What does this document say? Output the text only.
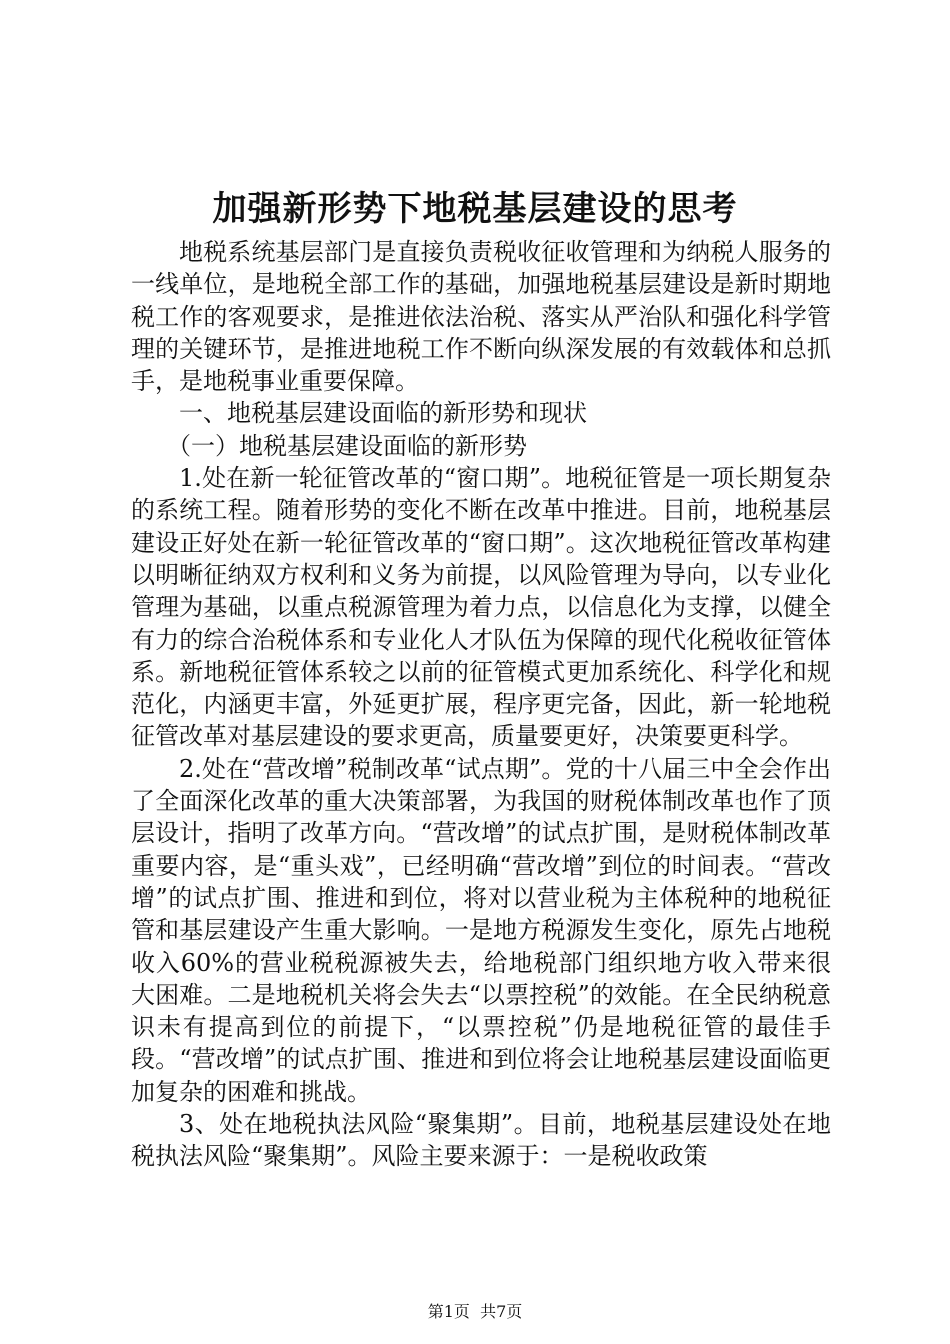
加强新形势下地税基层建设的思考

地税系统基层部门是直接负责税收征收管理和为纳税人服务的一线单位，是地税全部工作的基础，加强地税基层建设是新时期地税工作的客观要求，是推进依法治税、落实从严治队和强化科学管理的关键环节，是推进地税工作不断向纵深发展的有效载体和总抓手，是地税事业重要保障。

一、地税基层建设面临的新形势和现状

（一）地税基层建设面临的新形势

1.处在新一轮征管改革的“窗口期”。地税征管是一项长期复杂的系统工程。随着形势的变化不断在改革中推进。目前，地税基层建设正好处在新一轮征管改革的“窗口期”。这次地税征管改革构建以明晰征纳双方权利和义务为前提，以风险管理为导向，以专业化管理为基础，以重点税源管理为着力点，以信息化为支撑，以健全有力的综合治税体系和专业化人才队伍为保障的现代化税收征管体系。新地税征管体系较之以前的征管模式更加系统化、科学化和规范化，内涵更丰富，外延更扩展，程序更完备，因此，新一轮地税征管改革对基层建设的要求更高，质量要更好，决策要更科学。

2.处在“营改增”税制改革“试点期”。党的十八届三中全会作出了全面深化改革的重大决策部署，为我国的财税体制改革也作了顶层设计，指明了改革方向。“营改增”的试点扩围，是财税体制改革重要内容，是“重头戏”，已经明确“营改增”到位的时间表。“营改增”的试点扩围、推进和到位，将对以营业税为主体税种的地税征管和基层建设产生重大影响。一是地方税源发生变化，原先占地税收入60%的营业税税源被失去，给地税部门组织地方收入带来很大困难。二是地税机关将会失去“以票控税”的效能。在全民纳税意识未有提高到位的前提下，“以票控税”仍是地税征管的最佳手段。“营改增”的试点扩围、推进和到位将会让地税基层建设面临更加复杂的困难和挑战。

3、处在地税执法风险“聚集期”。目前，地税基层建设处在地税执法风险“聚集期”。风险主要来源于：一是税收政策

第1页 共7页
